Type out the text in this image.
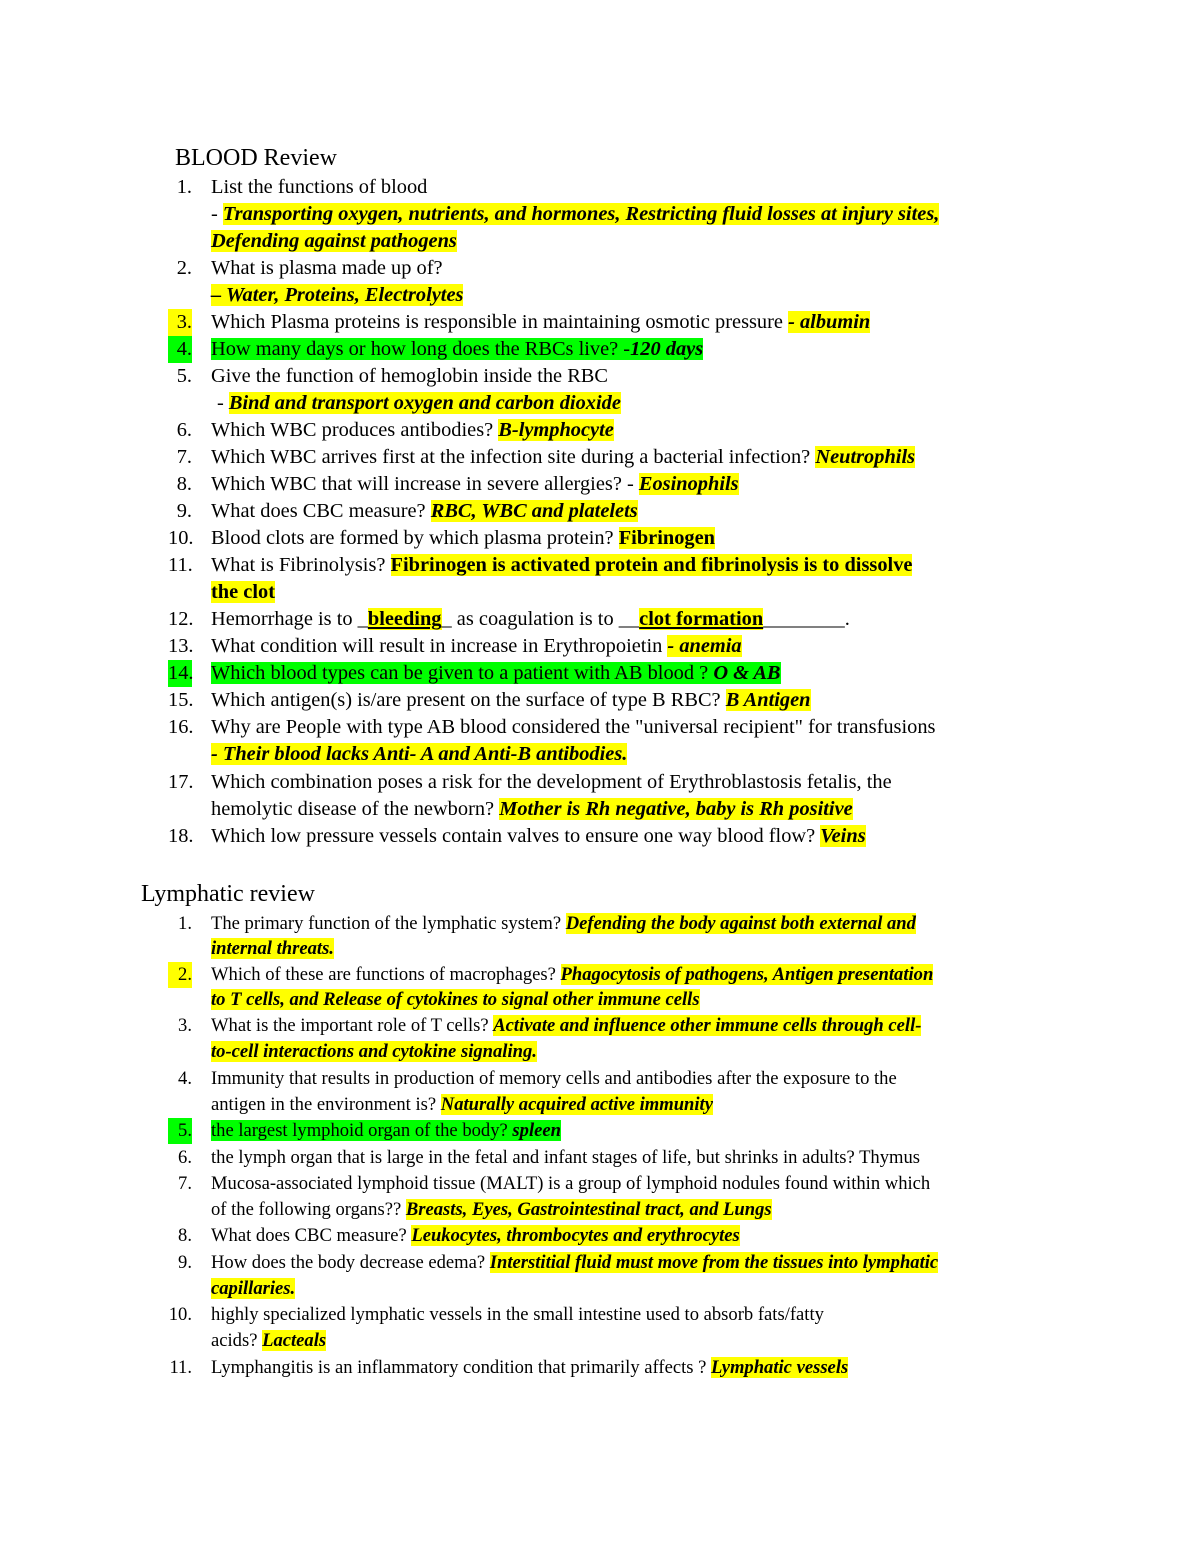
BLOOD Review
1. List the functions of blood
- Transporting oxygen, nutrients, and hormones, Restricting fluid losses at injury sites,
Defending against pathogens
2. What is plasma made up of?
– Water, Proteins, Electrolytes
3. Which Plasma proteins is responsible in maintaining osmotic pressure - albumin
4. How many days or how long does the RBCs live? -120 days
5. Give the function of hemoglobin inside the RBC
- Bind and transport oxygen and carbon dioxide
6. Which WBC produces antibodies? B-lymphocyte
7. Which WBC arrives first at the infection site during a bacterial infection? Neutrophils
8. Which WBC that will increase in severe allergies? - Eosinophils
9. What does CBC measure? RBC, WBC and platelets
10. Blood clots are formed by which plasma protein? Fibrinogen
11. What is Fibrinolysis? Fibrinogen is activated protein and fibrinolysis is to dissolve
the clot
12. Hemorrhage is to _bleeding_ as coagulation is to __clot formation________.
13. What condition will result in increase in Erythropoietin - anemia
14. Which blood types can be given to a patient with AB blood ? O & AB
15. Which antigen(s) is/are present on the surface of type B RBC? B Antigen
16. Why are People with type AB blood considered the "universal recipient" for transfusions
- Their blood lacks Anti- A and Anti-B antibodies.
17. Which combination poses a risk for the development of Erythroblastosis fetalis, the
hemolytic disease of the newborn? Mother is Rh negative, baby is Rh positive
18. Which low pressure vessels contain valves to ensure one way blood flow? Veins
Lymphatic review
1. The primary function of the lymphatic system? Defending the body against both external and
internal threats.
2. Which of these are functions of macrophages? Phagocytosis of pathogens, Antigen presentation
to T cells, and Release of cytokines to signal other immune cells
3. What is the important role of T cells? Activate and influence other immune cells through cell-
to-cell interactions and cytokine signaling.
4. Immunity that results in production of memory cells and antibodies after the exposure to the
antigen in the environment is? Naturally acquired active immunity
5. the largest lymphoid organ of the body? spleen
6. the lymph organ that is large in the fetal and infant stages of life, but shrinks in adults? Thymus
7. Mucosa-associated lymphoid tissue (MALT) is a group of lymphoid nodules found within which
of the following organs?? Breasts, Eyes, Gastrointestinal tract, and Lungs
8. What does CBC measure? Leukocytes, thrombocytes and erythrocytes
9. How does the body decrease edema? Interstitial fluid must move from the tissues into lymphatic
capillaries.
10. highly specialized lymphatic vessels in the small intestine used to absorb fats/fatty
acids? Lacteals
11. Lymphangitis is an inflammatory condition that primarily affects ? Lymphatic vessels
